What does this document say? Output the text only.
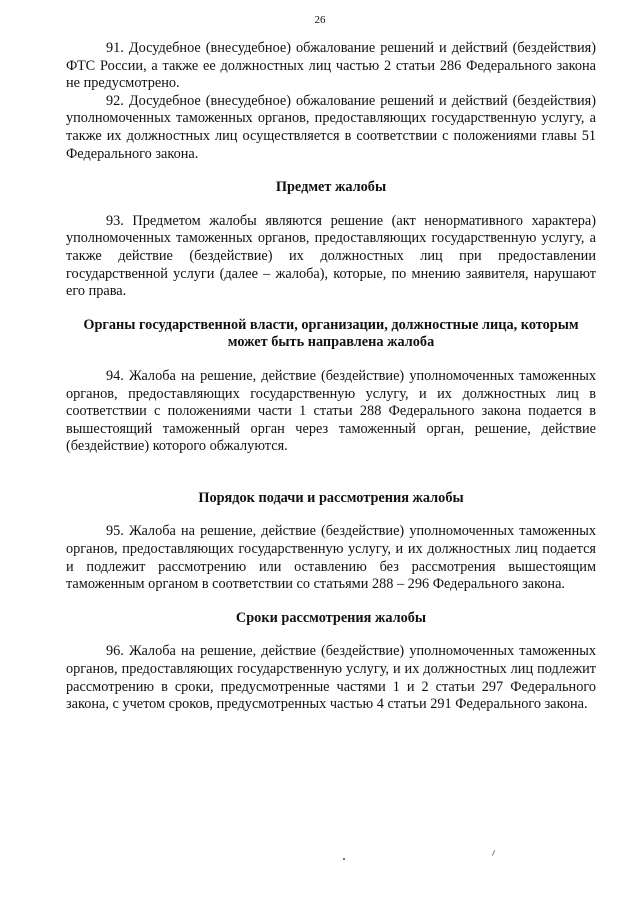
26

91. Досудебное (внесудебное) обжалование решений и действий (бездействия) ФТС России, а также ее должностных лиц частью 2 статьи 286 Федерального закона не предусмотрено.

92. Досудебное (внесудебное) обжалование решений и действий (бездействия) уполномоченных таможенных органов, предоставляющих государственную услугу, а также их должностных лиц осуществляется в соответствии с положениями главы 51 Федерального закона.

Предмет жалобы

93. Предметом жалобы являются решение (акт ненормативного характера) уполномоченных таможенных органов, предоставляющих государственную услугу, а также действие (бездействие) их должностных лиц при предоставлении государственной услуги (далее – жалоба), которые, по мнению заявителя, нарушают его права.

Органы государственной власти, организации, должностные лица, которым может быть направлена жалоба

94. Жалоба на решение, действие (бездействие) уполномоченных таможенных органов, предоставляющих государственную услугу, и их должностных лиц в соответствии с положениями части 1 статьи 288 Федерального закона подается в вышестоящий таможенный орган через таможенный орган, решение, действие (бездействие) которого обжалуются.

Порядок подачи и рассмотрения жалобы

95. Жалоба на решение, действие (бездействие) уполномоченных таможенных органов, предоставляющих государственную услугу, и их должностных лиц подается и подлежит рассмотрению или оставлению без рассмотрения вышестоящим таможенным органом в соответствии со статьями 288 – 296 Федерального закона.

Сроки рассмотрения жалобы

96. Жалоба на решение, действие (бездействие) уполномоченных таможенных органов, предоставляющих государственную услугу, и их должностных лиц подлежит рассмотрению в сроки, предусмотренные частями 1 и 2 статьи 297 Федерального закона, с учетом сроков, предусмотренных частью 4 статьи 291 Федерального закона.
